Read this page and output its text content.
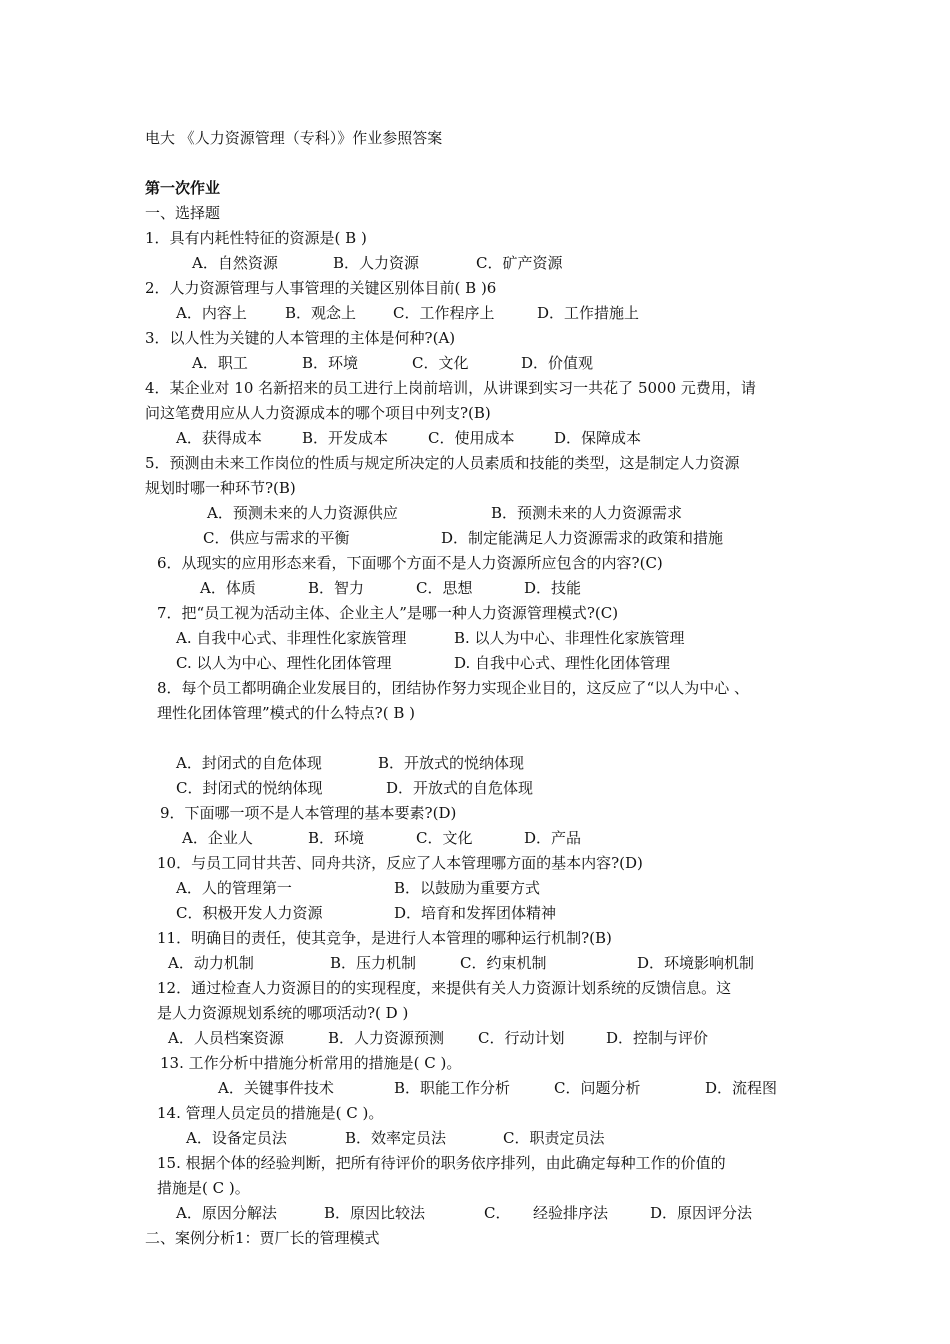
电大 《人力资源管理（专科）》作业参照答案
第一次作业
一、选择题
1．具有内耗性特征的资源是( B )
A．自然资源	B．人力资源	C．矿产资源
2．人力资源管理与人事管理的关键区别体目前( B )6
A．内容上	B．观念上 C．工作程序上	D．工作措施上
3．以人性为关键的人本管理的主体是何种?(A)
A．职工	B．环境	C．文化	D．价值观
4．某企业对 10 名新招来的员工进行上岗前培训，从讲课到实习一共花了 5000 元费用，请
问这笔费用应从人力资源成本的哪个项目中列支?(B)
A．获得成本	B．开发成本	C．使用成本	D．保障成本
5．预测由未来工作岗位的性质与规定所决定的人员素质和技能的类型，这是制定人力资源
规划时哪一种环节?(B)
A．预测未来的人力资源供应	B．预测未来的人力资源需求
C．供应与需求的平衡	D．制定能满足人力资源需求的政策和措施
6．从现实的应用形态来看，下面哪个方面不是人力资源所应包含的内容?(C)
A．体质	B．智力	C．思想	D．技能
7．把“员工视为活动主体、企业主人”是哪一种人力资源管理模式?(C)
A. 自我中心式、非理性化家族管理	B. 以人为中心、非理性化家族管理
C. 以人为中心、理性化团体管理	D. 自我中心式、理性化团体管理
8．每个员工都明确企业发展目的，团结协作努力实现企业目的，这反应了“以人为中心 、
理性化团体管理”模式的什么特点?( B )
A．封闭式的自危体现	B．开放式的悦纳体现
C．封闭式的悦纳体现	D．开放式的自危体现
9．下面哪一项不是人本管理的基本要素?(D)
A．企业人	B．环境	C．文化	D．产品
10．与员工同甘共苦、同舟共济，反应了人本管理哪方面的基本内容?(D)
A．人的管理第一	B．以鼓励为重要方式
C．积极开发人力资源	D．培育和发挥团体精神
11．明确目的责任，使其竞争，是进行人本管理的哪种运行机制?(B)
A．动力机制	B．压力机制	C．约束机制	D．环境影响机制
12．通过检查人力资源目的的实现程度，来提供有关人力资源计划系统的反馈信息。这
是人力资源规划系统的哪项活动?( D )
A．人员档案资源	B．人力资源预测 C．行动计划	D．控制与评价
13. 工作分析中措施分析常用的措施是( C )。
A．关键事件技术	B．职能工作分析	C．问题分析	D．流程图
14. 管理人员定员的措施是( C )。
A．设备定员法	B．效率定员法	C．职责定员法
15. 根据个体的经验判断，把所有待评价的职务依序排列，由此确定每种工作的价值的
措施是( C )。
A．原因分解法	B．原因比较法	C． 经验排序法	D．原因评分法
二、案例分析1：贾厂长的管理模式
